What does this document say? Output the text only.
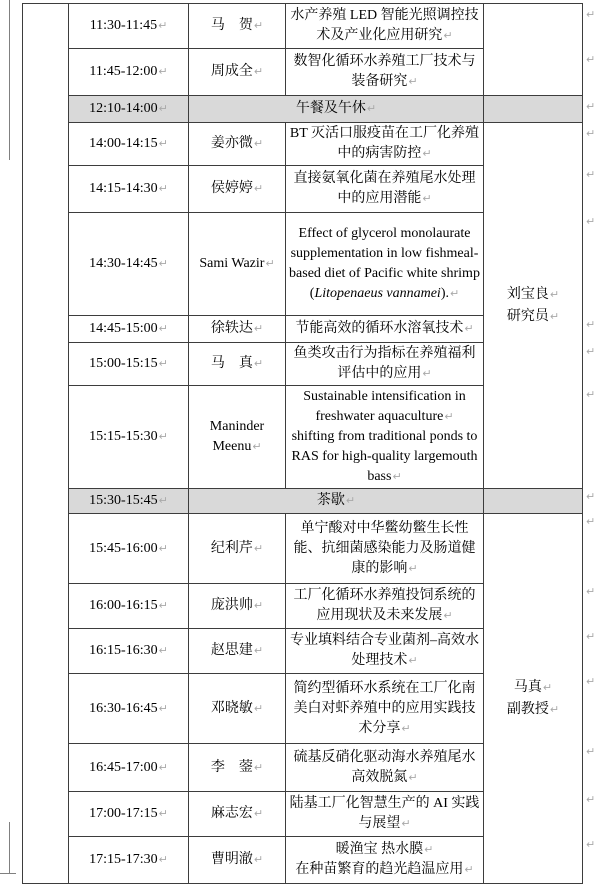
	11:30-11:45↵	马　贺↵	水产养殖 LED 智能光照调控技术及产业化应用研究↵	

	11:45-12:00↵	周成全↵	数智化循环水养殖工厂技术与装备研究↵	

	12:10-14:00↵	午餐及午休↵		
	14:00-14:15↵	姜亦微↵	BT 灭活口服疫苗在工厂化养殖中的病害防控↵	刘宝良↵
研究员↵

	14:15-14:30↵	侯婷婷↵	直接氨氧化菌在养殖尾水处理中的应用潜能↵	

	14:30-14:45↵	Sami Wazir↵	Effect of glycerol monolaurate supplementation in low fishmeal-based diet of Pacific white shrimp (Litopenaeus vannamei).↵	
	14:45-15:00↵	徐轶达↵	节能高效的循环水溶氧技术↵	

	15:00-15:15↵	马　真↵	鱼类攻击行为指标在养殖福利评估中的应用↵	

	15:15-15:30↵	Maninder Meenu↵	Sustainable intensification in freshwater aquaculture↵
shifting from traditional ponds to RAS for high-quality largemouth bass↵	

	15:30-15:45↵	茶歇↵		
	15:45-16:00↵	纪利芹↵	单宁酸对中华鳖幼鳖生长性能、抗细菌感染能力及肠道健康的影响↵	马真↵
副教授↵

	16:00-16:15↵	庞洪帅↵	工厂化循环水养殖投饲系统的应用现状及未来发展↵	

	16:15-16:30↵	赵思建↵	专业填料结合专业菌剂–高效水处理技术↵	

	16:30-16:45↵	邓晓敏↵	简约型循环水系统在工厂化南美白对虾养殖中的应用实践技术分享↵	

	16:45-17:00↵	李　蓥↵	硫基反硝化驱动海水养殖尾水高效脱氮↵	

	17:00-17:15↵	麻志宏↵	陆基工厂化智慧生产的 AI 实践与展望↵	

	17:15-17:30↵	曹明澈↵	暖渔宝 热水膜↵
在种苗繁育的趋光趋温应用↵	
↵
↵
↵
↵
↵
↵
↵
↵
↵
↵
↵
↵
↵
↵
↵
↵
↵
